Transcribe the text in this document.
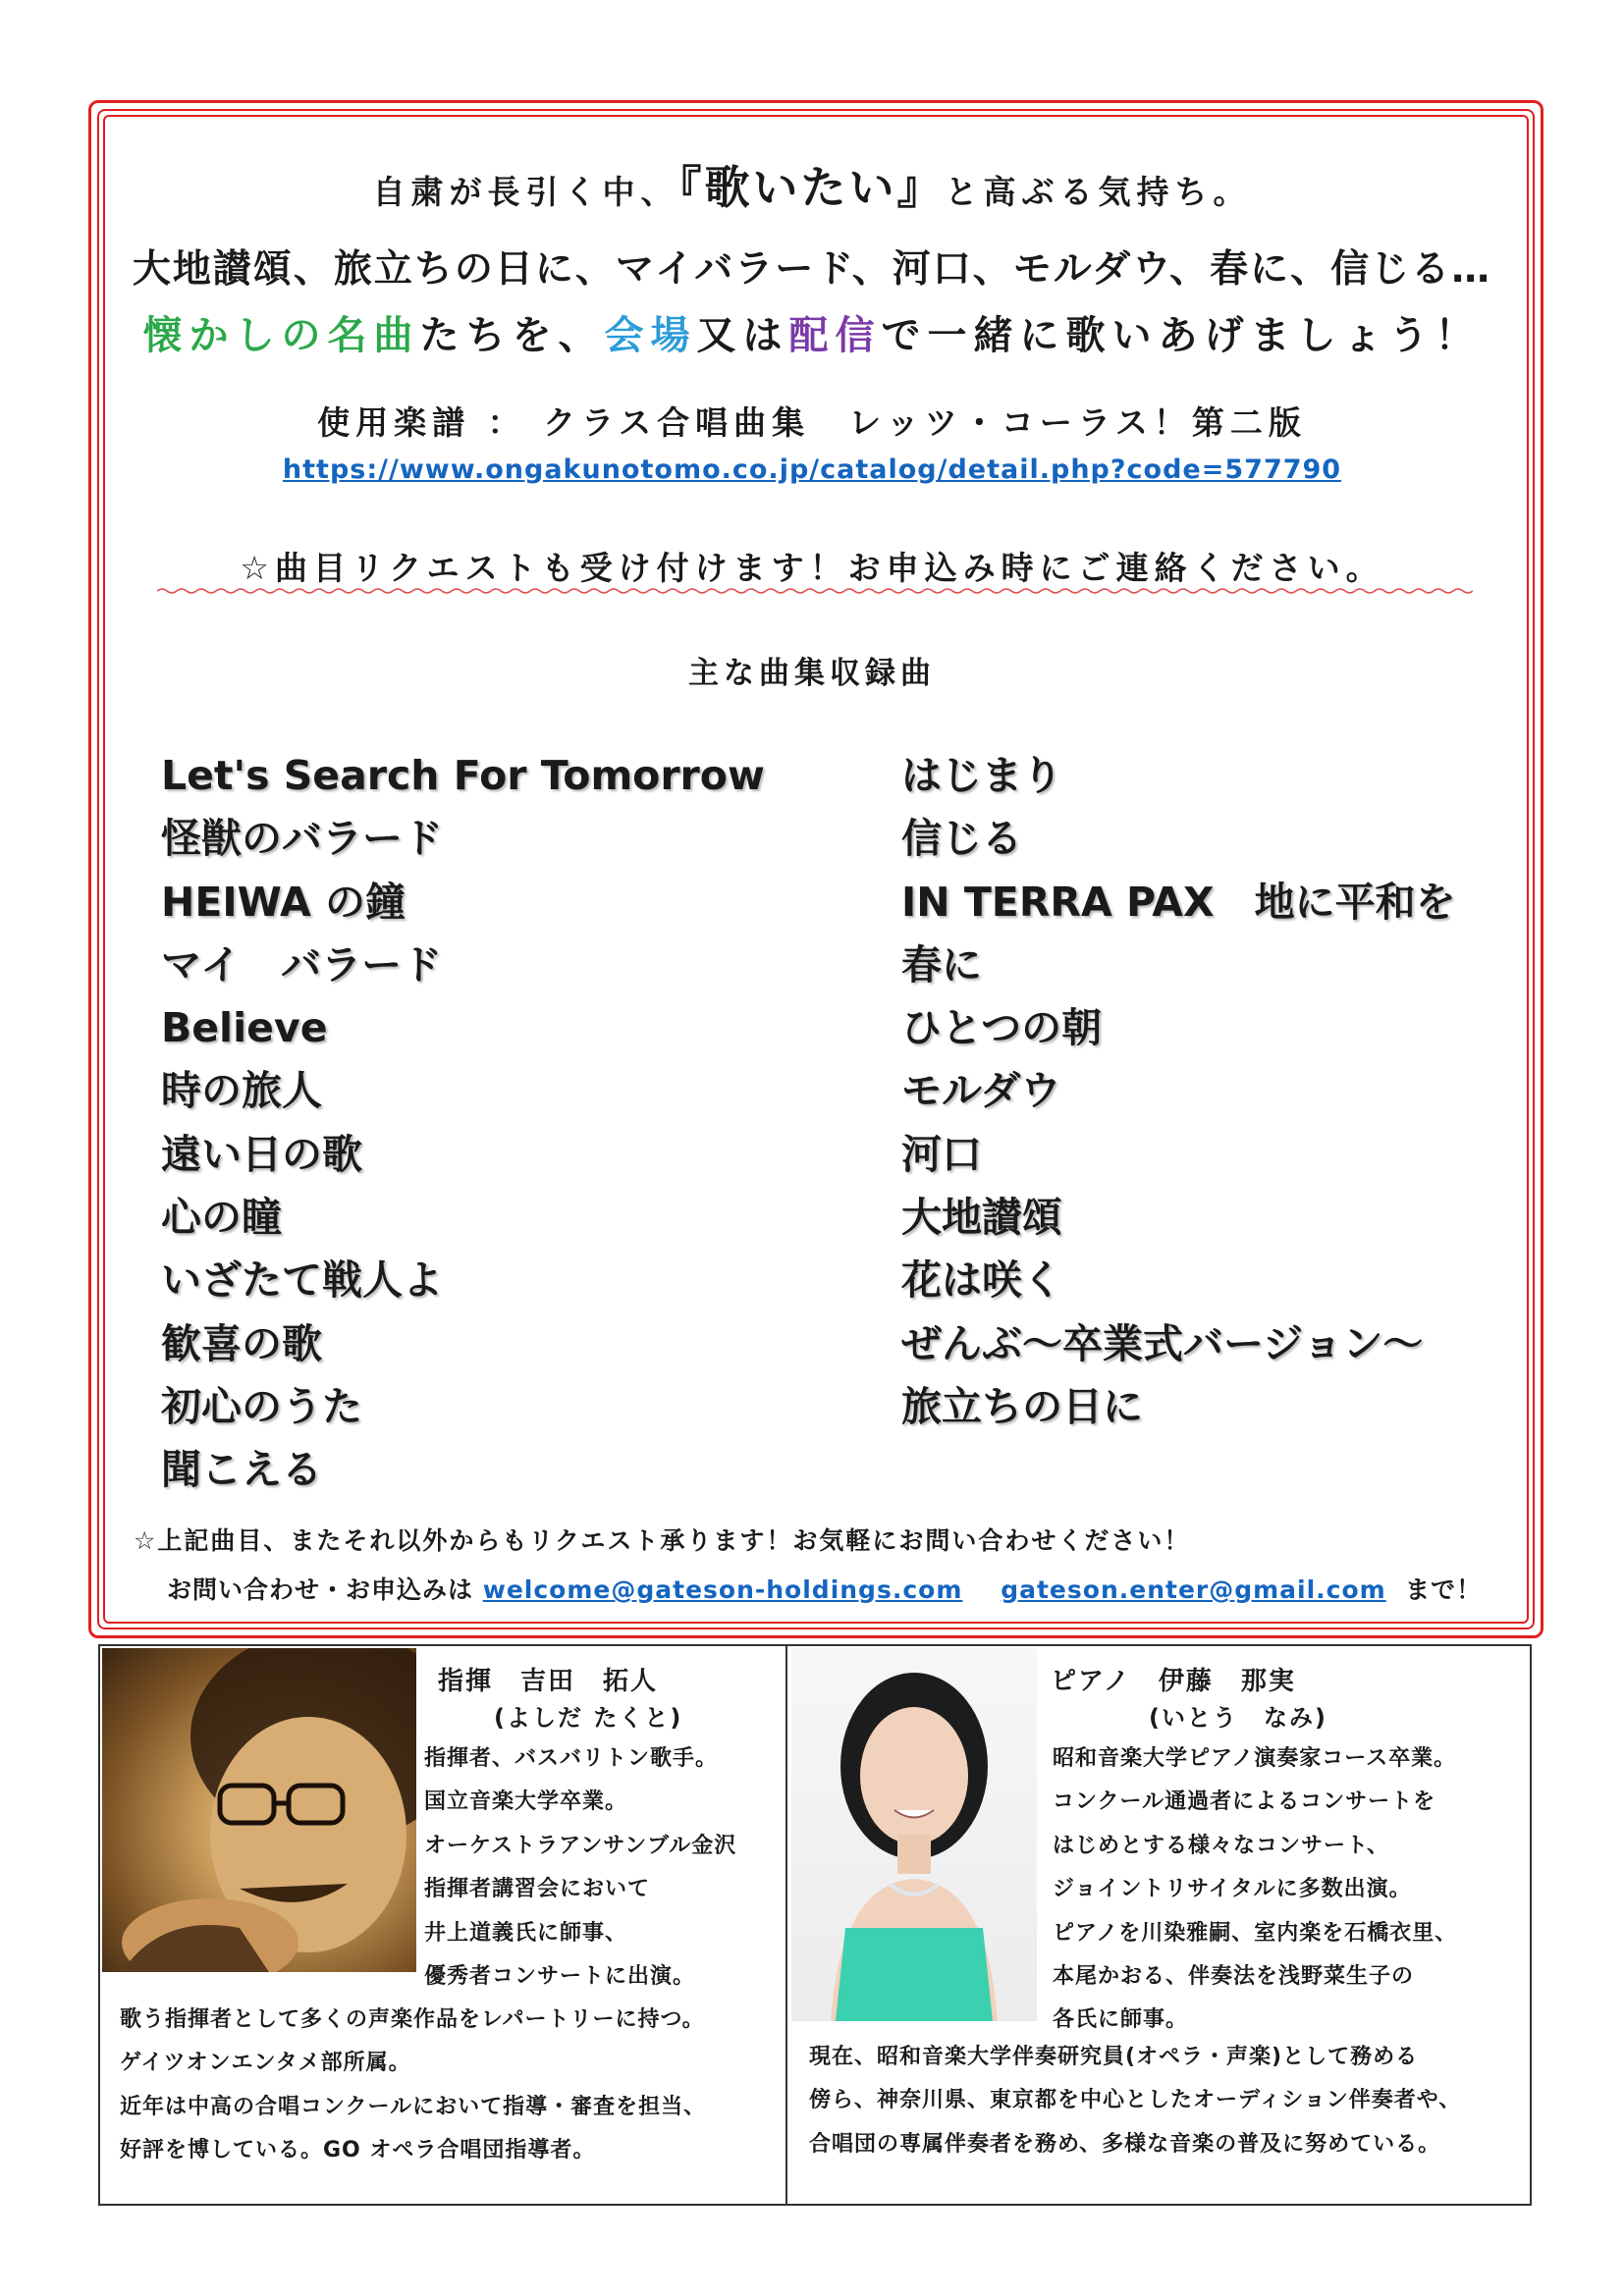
自粛が長引く中、『歌いたい』と高ぶる気持ち。
大地讃頌、旅立ちの日に、マイバラード、河口、モルダウ、春に、信じる…
懐かしの名曲たちを、会場又は配信で一緒に歌いあげましょう！
使用楽譜 ： クラス合唱曲集　レッツ・コーラス！第二版
https://www.ongakunotomo.co.jp/catalog/detail.php?code=577790
☆曲目リクエストも受け付けます！お申込み時にご連絡ください。
主な曲集収録曲
Let's Search For Tomorrow
怪獣のバラード
HEIWA の鐘
マイ　バラード
Believe
時の旅人
遠い日の歌
心の瞳
いざたて戦人よ
歓喜の歌
初心のうた
聞こえる
はじまり
信じる
IN TERRA PAX　地に平和を
春に
ひとつの朝
モルダウ
河口
大地讃頌
花は咲く
ぜんぶ～卒業式バージョン～
旅立ちの日に
☆上記曲目、またそれ以外からもリクエスト承ります！お気軽にお問い合わせください！
お問い合わせ・お申込みは welcome@gateson-holdings.com gateson.enter@gmail.com まで！
指揮　吉田　拓人
(よしだ たくと)
指揮者、バスバリトン歌手。
国立音楽大学卒業。
オーケストラアンサンブル金沢
指揮者講習会において
井上道義氏に師事、
優秀者コンサートに出演。
歌う指揮者として多くの声楽作品をレパートリーに持つ。
ゲイツオンエンタメ部所属。
近年は中高の合唱コンクールにおいて指導・審査を担当、
好評を博している。GO オペラ合唱団指導者。
ピアノ　伊藤　那実
(いとう　なみ)
昭和音楽大学ピアノ演奏家コース卒業。
コンクール通過者によるコンサートを
はじめとする様々なコンサート、
ジョイントリサイタルに多数出演。
ピアノを川染雅嗣、室内楽を石橋衣里、
本尾かおる、伴奏法を浅野菜生子の
各氏に師事。
現在、昭和音楽大学伴奏研究員(オペラ・声楽)として務める
傍ら、神奈川県、東京都を中心としたオーディション伴奏者や、
合唱団の専属伴奏者を務め、多様な音楽の普及に努めている。
